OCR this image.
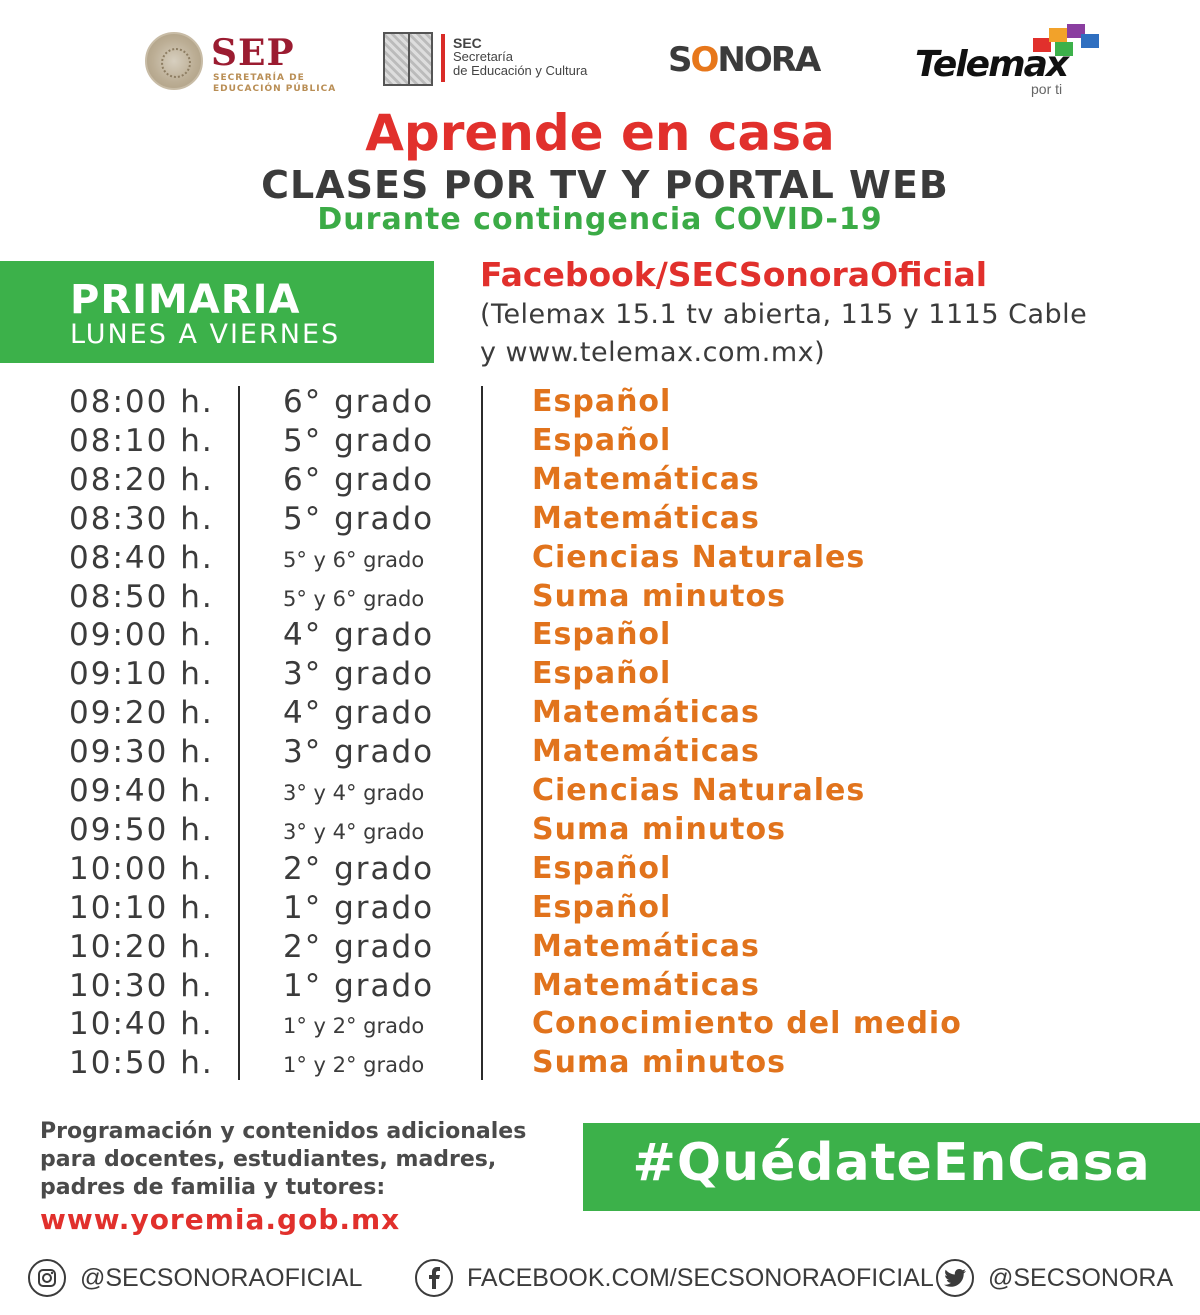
SEP
SECRETARÍA DE
EDUCACIÓN PÚBLICA
SEC
Secretaría
de Educación y Cultura SONORA	Telemax
por ti
Aprende en casa
CLASES POR TV Y PORTAL WEB
Durante contingencia COVID-19
PRIMARIA
LUNES A VIERNES
Facebook/SECSonoraOficial
(Telemax 15.1 tv abierta, 115 y 1115 Cable
y www.telemax.com.mx)
08:00 h. 6° grado	Español
08:10 h. 5° grado	Español
08:20 h. 6° grado	Matemáticas
08:30 h. 5° grado	Matemáticas
08:40 h.	5° y 6° grado	Ciencias Naturales
08:50 h.	5° y 6° grado	Suma minutos
09:00 h. 4° grado	Español
09:10 h. 3° grado	Español
09:20 h. 4° grado	Matemáticas
09:30 h. 3° grado	Matemáticas
09:40 h.	3° y 4° grado	Ciencias Naturales
09:50 h.	3° y 4° grado	Suma minutos
10:00 h. 2° grado	Español
10:10 h. 1° grado	Español
10:20 h. 2° grado	Matemáticas
10:30 h. 1° grado	Matemáticas
10:40 h.	1° y 2° grado	Conocimiento del medio
10:50 h.	1° y 2° grado	Suma minutos
Programación y contenidos adicionales
para docentes, estudiantes, madres,
padres de familia y tutores:
www.yoremia.gob.mx
#QuédateEnCasa
@SECSONORAOFICIAL	FACEBOOK.COM/SECSONORAOFICIAL @SECSONORA
